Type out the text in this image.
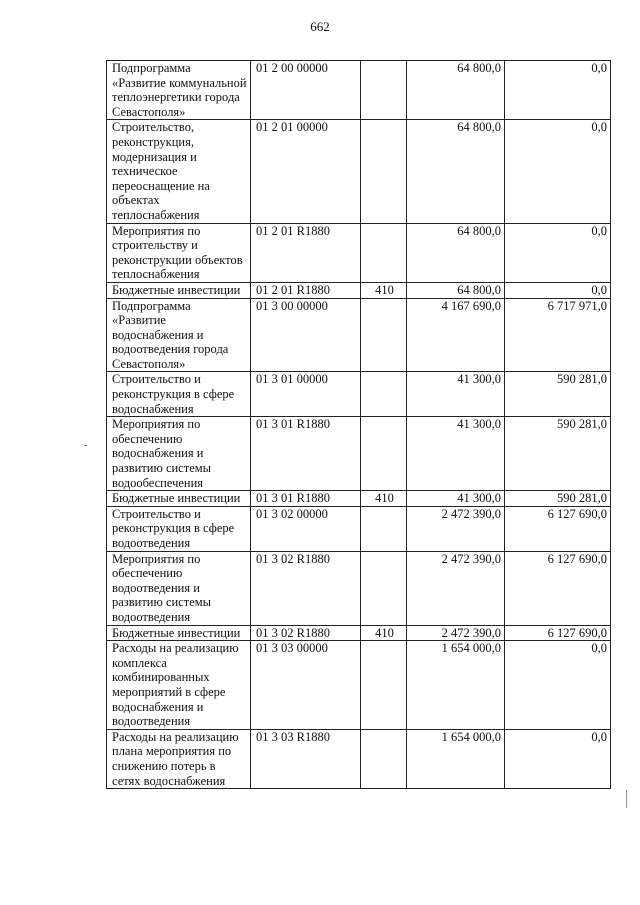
662
Подпрограмма «Развитие коммунальной теплоэнергетики города Севастополя»	01 2 00 00000		64 800,0	0,0
Строительство, реконструкция, модернизация и техническое переоснащение на объектах теплоснабжения	01 2 01 00000		64 800,0	0,0
Мероприятия по строительству и реконструкции объектов теплоснабжения	01 2 01 R1880		64 800,0	0,0
Бюджетные инвестиции	01 2 01 R1880	410	64 800,0	0,0
Подпрограмма «Развитие водоснабжения и водоотведения города Севастополя»	01 3 00 00000		4 167 690,0	6 717 971,0
Строительство и реконструкция в сфере водоснабжения	01 3 01 00000		41 300,0	590 281,0
Мероприятия по обеспечению водоснабжения и развитию системы водообеспечения	01 3 01 R1880		41 300,0	590 281,0
Бюджетные инвестиции	01 3 01 R1880	410	41 300,0	590 281,0
Строительство и реконструкция в сфере водоотведения	01 3 02 00000		2 472 390,0	6 127 690,0
Мероприятия по обеспечению водоотведения и развитию системы водоотведения	01 3 02 R1880		2 472 390,0	6 127 690,0
Бюджетные инвестиции	01 3 02 R1880	410	2 472 390,0	6 127 690,0
Расходы на реализацию комплекса комбинированных мероприятий в сфере водоснабжения и водоотведения	01 3 03 00000		1 654 000,0	0,0
Расходы на реализацию плана мероприятия по снижению потерь в сетях водоснабжения	01 3 03 R1880		1 654 000,0	0,0
